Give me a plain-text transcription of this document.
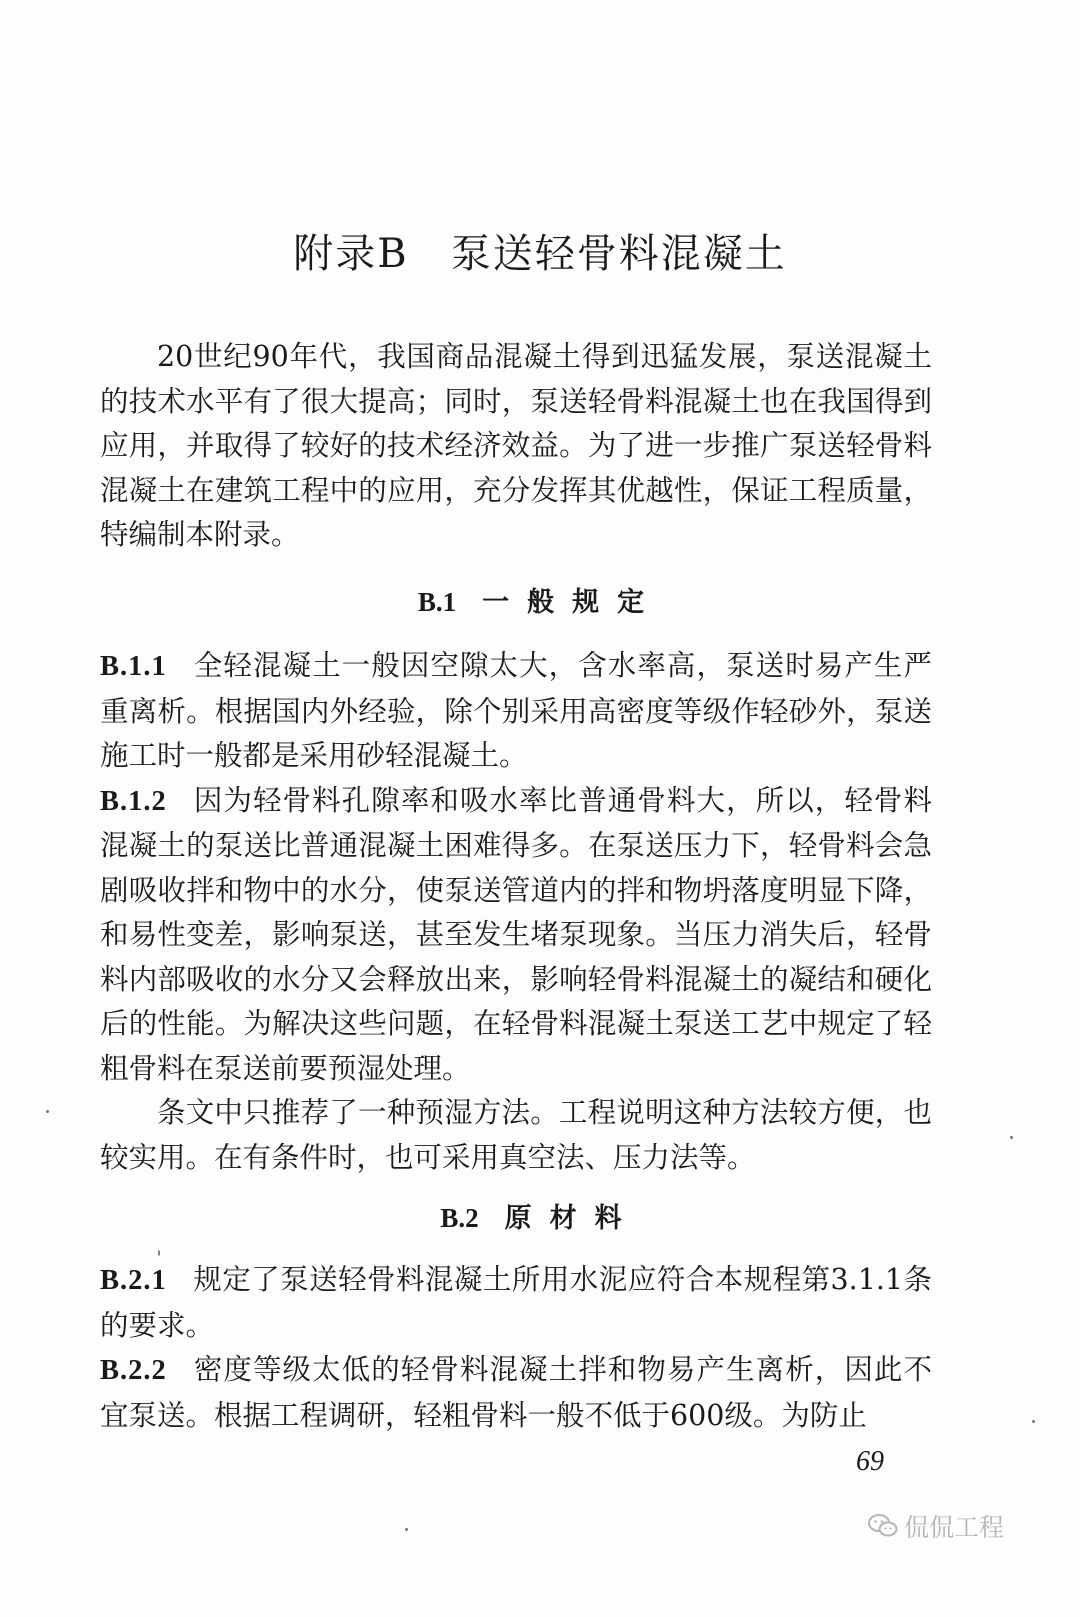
附录B　泵送轻骨料混凝土

20世纪90年代，我国商品混凝土得到迅猛发展，泵送混凝土的技术水平有了很大提高；同时，泵送轻骨料混凝土也在我国得到应用，并取得了较好的技术经济效益。为了进一步推广泵送轻骨料混凝土在建筑工程中的应用，充分发挥其优越性，保证工程质量，特编制本附录。

B.1 一般规定

B.1.1 全轻混凝土一般因空隙太大，含水率高，泵送时易产生严重离析。根据国内外经验，除个别采用高密度等级作轻砂外，泵送施工时一般都是采用砂轻混凝土。

B.1.2 因为轻骨料孔隙率和吸水率比普通骨料大，所以，轻骨料混凝土的泵送比普通混凝土困难得多。在泵送压力下，轻骨料会急剧吸收拌和物中的水分，使泵送管道内的拌和物坍落度明显下降，和易性变差，影响泵送，甚至发生堵泵现象。当压力消失后，轻骨料内部吸收的水分又会释放出来，影响轻骨料混凝土的凝结和硬化后的性能。为解决这些问题，在轻骨料混凝土泵送工艺中规定了轻粗骨料在泵送前要预湿处理。

条文中只推荐了一种预湿方法。工程说明这种方法较方便，也较实用。在有条件时，也可采用真空法、压力法等。

B.2 原材料

B.2.1 规定了泵送轻骨料混凝土所用水泥应符合本规程第3.1.1条的要求。

B.2.2 密度等级太低的轻骨料混凝土拌和物易产生离析，因此不宜泵送。根据工程调研，轻粗骨料一般不低于600级。为防止

69
侃侃工程
